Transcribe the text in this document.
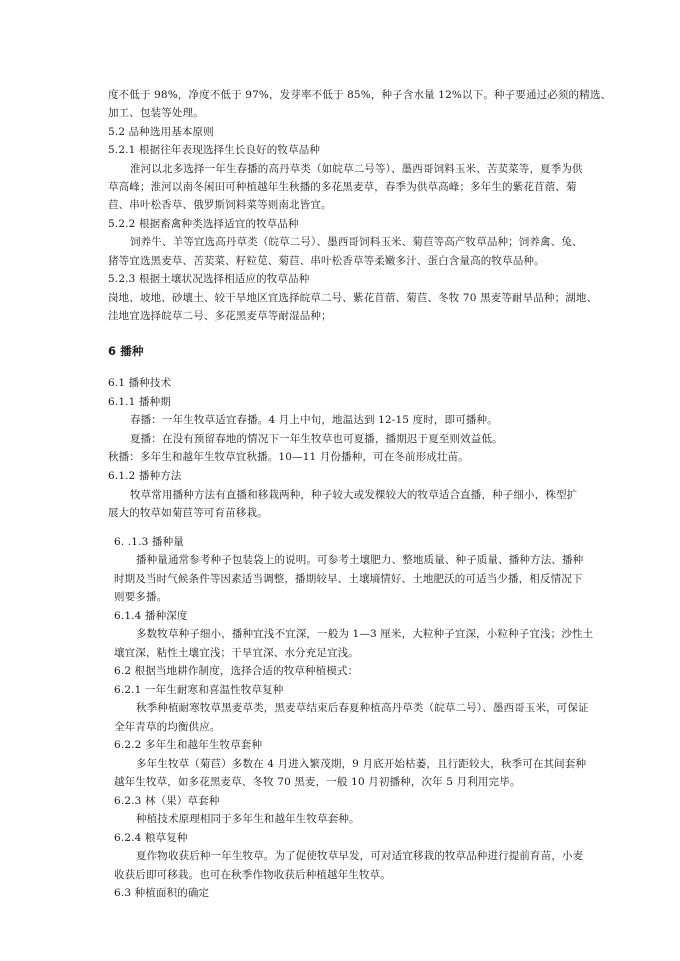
度不低于 98%，净度不低于 97%，发芽率不低于 85%，种子含水量 12%以下。种子要通过必须的精选、
加工、包装等处理。
5.2 品种选用基本原则
5.2.1 根据往年表现选择生长良好的牧草品种
淮河以北多选择一年生春播的高丹草类（如皖草二号等）、墨西哥饲料玉米、苦荬菜等，夏季为供
草高峰；淮河以南冬闲田可种植越年生秋播的多花黑麦草，春季为供草高峰；多年生的紫花苜蓿、菊
苣、串叶松香草、俄罗斯饲料菜等则南北皆宜。
5.2.2 根据畜禽种类选择适宜的牧草品种
饲养牛、羊等宜选高丹草类（皖草二号）、墨西哥饲料玉米、菊苣等高产牧草品种；饲养禽、兔、
猪等宜选黑麦草、苦荬菜、籽粒苋、菊苣、串叶松香草等柔嫩多汁、蛋白含量高的牧草品种。
5.2.3 根据土壤状况选择相适应的牧草品种
岗地、坡地、砂壤土、较干旱地区宜选择皖草二号、紫花苜蓿、菊苣、冬牧 70 黑麦等耐旱品种；湖地、
洼地宜选择皖草二号、多花黑麦草等耐湿品种；
6 播种
6.1 播种技术
6.1.1 播种期
春播：一年生牧草适宜春播。4 月上中旬，地温达到 12-15 度时，即可播种。
夏播：在没有预留春地的情况下一年生牧草也可夏播，播期迟于夏至则效益低。
秋播：多年生和越年生牧草宜秋播。10—11 月份播种，可在冬前形成壮苗。
6.1.2 播种方法
牧草常用播种方法有直播和移栽两种，种子较大或发棵较大的牧草适合直播，种子细小，株型扩
展大的牧草如菊苣等可育苗移栽。
6. .1.3 播种量
播种量通常参考种子包装袋上的说明。可参考土壤肥力、整地质量、种子质量、播种方法、播种
时期及当时气候条件等因素适当调整，播期较早、土壤墒情好、土地肥沃的可适当少播，相反情况下
则要多播。
6.1.4 播种深度
多数牧草种子细小，播种宜浅不宜深，一般为 1—3 厘米，大粒种子宜深，小粒种子宜浅；沙性土
壤宜深，粘性土壤宜浅；干旱宜深、水分充足宜浅。
6.2 根据当地耕作制度，选择合适的牧草种植模式：
6.2.1 一年生耐寒和喜温性牧草复种
秋季种植耐寒牧草黑麦草类，黑麦草结束后春夏种植高丹草类（皖草二号）、墨西哥玉米，可保证
全年青草的均衡供应。
6.2.2 多年生和越年生牧草套种
多年生牧草（菊苣）多数在 4 月进入繁茂期，9 月底开始枯萎，且行距较大，秋季可在其间套种
越年生牧草，如多花黑麦草、冬牧 70 黑麦，一般 10 月初播种，次年 5 月利用完毕。
6.2.3 林（果）草套种
种植技术原理相同于多年生和越年生牧草套种。
6.2.4 粮草复种
夏作物收获后种一年生牧草。为了促使牧草早发，可对适宜移栽的牧草品种进行提前育苗，小麦
收获后即可移栽。也可在秋季作物收获后种植越年生牧草。
6.3 种植面积的确定
